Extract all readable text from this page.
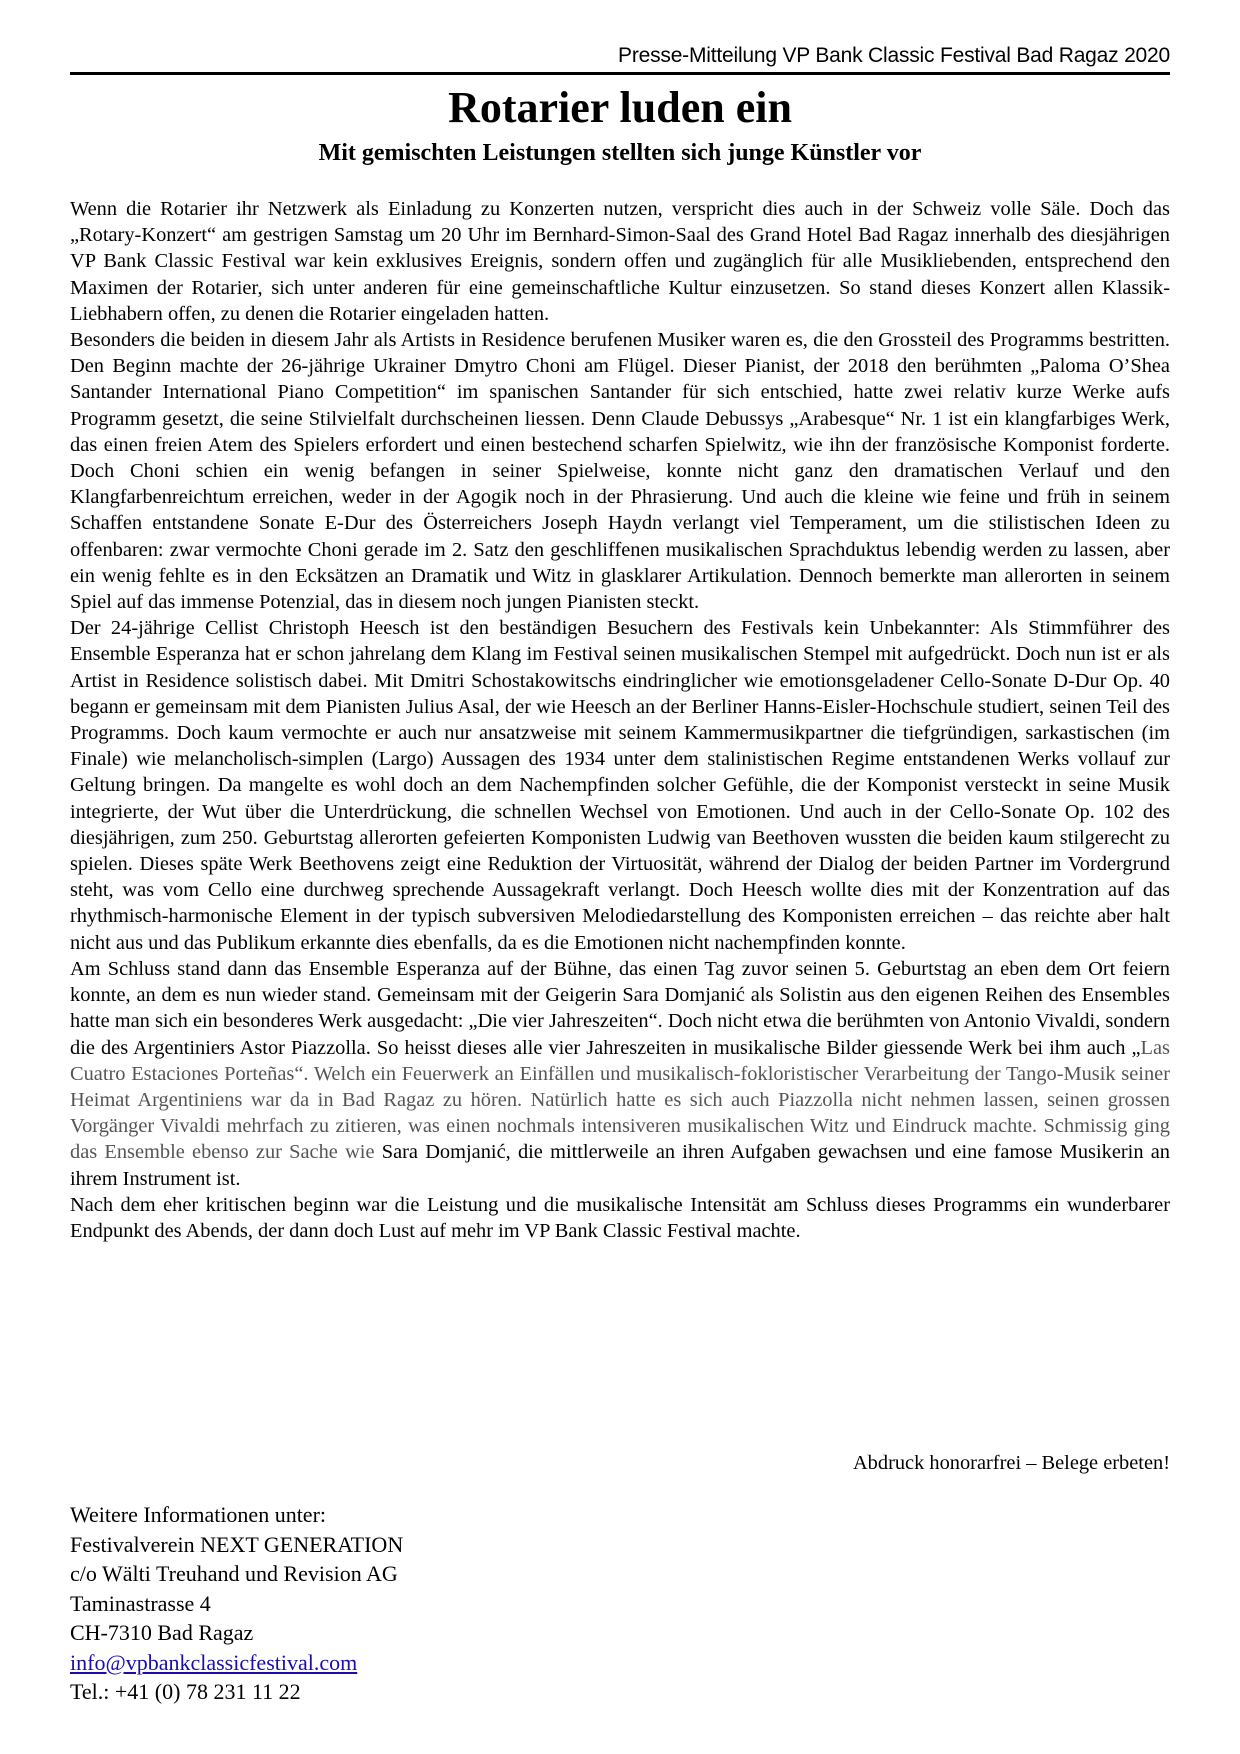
Presse-Mitteilung VP Bank Classic Festival Bad Ragaz 2020
Rotarier luden ein
Mit gemischten Leistungen stellten sich junge Künstler vor

Wenn die Rotarier ihr Netzwerk als Einladung zu Konzerten nutzen, verspricht dies auch in der Schweiz volle Säle. Doch das „Rotary-Konzert“ am gestrigen Samstag um 20 Uhr im Bernhard-Simon-Saal des Grand Hotel Bad Ragaz innerhalb des diesjährigen VP Bank Classic Festival war kein exklusives Ereignis, sondern offen und zugänglich für alle Musikliebenden, entsprechend den Maximen der Rotarier, sich unter anderen für eine gemeinschaftliche Kultur einzusetzen. So stand dieses Konzert allen Klassik-Liebhabern offen, zu denen die Rotarier eingeladen hatten.

Besonders die beiden in diesem Jahr als Artists in Residence berufenen Musiker waren es, die den Grossteil des Programms bestritten. Den Beginn machte der 26-jährige Ukrainer Dmytro Choni am Flügel. Dieser Pianist, der 2018 den berühmten „Paloma O’Shea Santander International Piano Competition“ im spanischen Santander für sich entschied, hatte zwei relativ kurze Werke aufs Programm gesetzt, die seine Stilvielfalt durchscheinen liessen. Denn Claude Debussys „Arabesque“ Nr. 1 ist ein klangfarbiges Werk, das einen freien Atem des Spielers erfordert und einen bestechend scharfen Spielwitz, wie ihn der französische Komponist forderte. Doch Choni schien ein wenig befangen in seiner Spielweise, konnte nicht ganz den dramatischen Verlauf und den Klangfarbenreichtum erreichen, weder in der Agogik noch in der Phrasierung. Und auch die kleine wie feine und früh in seinem Schaffen entstandene Sonate E-Dur des Österreichers Joseph Haydn verlangt viel Temperament, um die stilistischen Ideen zu offenbaren: zwar vermochte Choni gerade im 2. Satz den geschliffenen musikalischen Sprachduktus lebendig werden zu lassen, aber ein wenig fehlte es in den Ecksätzen an Dramatik und Witz in glasklarer Artikulation. Dennoch bemerkte man allerorten in seinem Spiel auf das immense Potenzial, das in diesem noch jungen Pianisten steckt.

Der 24-jährige Cellist Christoph Heesch ist den beständigen Besuchern des Festivals kein Unbekannter: Als Stimmführer des Ensemble Esperanza hat er schon jahrelang dem Klang im Festival seinen musikalischen Stempel mit aufgedrückt. Doch nun ist er als Artist in Residence solistisch dabei. Mit Dmitri Schostakowitschs eindringlicher wie emotionsgeladener Cello-Sonate D-Dur Op. 40 begann er gemeinsam mit dem Pianisten Julius Asal, der wie Heesch an der Berliner Hanns-Eisler-Hochschule studiert, seinen Teil des Programms. Doch kaum vermochte er auch nur ansatzweise mit seinem Kammermusikpartner die tiefgründigen, sarkastischen (im Finale) wie melancholisch-simplen (Largo) Aussagen des 1934 unter dem stalinistischen Regime entstandenen Werks vollauf zur Geltung bringen. Da mangelte es wohl doch an dem Nachempfinden solcher Gefühle, die der Komponist versteckt in seine Musik integrierte, der Wut über die Unterdrückung, die schnellen Wechsel von Emotionen. Und auch in der Cello-Sonate Op. 102 des diesjährigen, zum 250. Geburtstag allerorten gefeierten Komponisten Ludwig van Beethoven wussten die beiden kaum stilgerecht zu spielen. Dieses späte Werk Beethovens zeigt eine Reduktion der Virtuosität, während der Dialog der beiden Partner im Vordergrund steht, was vom Cello eine durchweg sprechende Aussagekraft verlangt. Doch Heesch wollte dies mit der Konzentration auf das rhythmisch-harmonische Element in der typisch subversiven Melodiedarstellung des Komponisten erreichen – das reichte aber halt nicht aus und das Publikum erkannte dies ebenfalls, da es die Emotionen nicht nachempfinden konnte.

Am Schluss stand dann das Ensemble Esperanza auf der Bühne, das einen Tag zuvor seinen 5. Geburtstag an eben dem Ort feiern konnte, an dem es nun wieder stand. Gemeinsam mit der Geigerin Sara Domjanić als Solistin aus den eigenen Reihen des Ensembles hatte man sich ein besonderes Werk ausgedacht: „Die vier Jahreszeiten“. Doch nicht etwa die berühmten von Antonio Vivaldi, sondern die des Argentiniers Astor Piazzolla. So heisst dieses alle vier Jahreszeiten in musikalische Bilder giessende Werk bei ihm auch „Las Cuatro Estaciones Porteñas“. Welch ein Feuerwerk an Einfällen und musikalisch-fokloristischer Verarbeitung der Tango-Musik seiner Heimat Argentiniens war da in Bad Ragaz zu hören. Natürlich hatte es sich auch Piazzolla nicht nehmen lassen, seinen grossen Vorgänger Vivaldi mehrfach zu zitieren, was einen nochmals intensiveren musikalischen Witz und Eindruck machte. Schmissig ging das Ensemble ebenso zur Sache wie Sara Domjanić, die mittlerweile an ihren Aufgaben gewachsen und eine famose Musikerin an ihrem Instrument ist.

Nach dem eher kritischen beginn war die Leistung und die musikalische Intensität am Schluss dieses Programms ein wunderbarer Endpunkt des Abends, der dann doch Lust auf mehr im VP Bank Classic Festival machte.

Abdruck honorarfrei – Belege erbeten!
Weitere Informationen unter:
Festivalverein NEXT GENERATION
c/o Wälti Treuhand und Revision AG
Taminastrasse 4
CH-7310 Bad Ragaz
info@vpbankclassicfestival.com
Tel.: +41 (0) 78 231 11 22
